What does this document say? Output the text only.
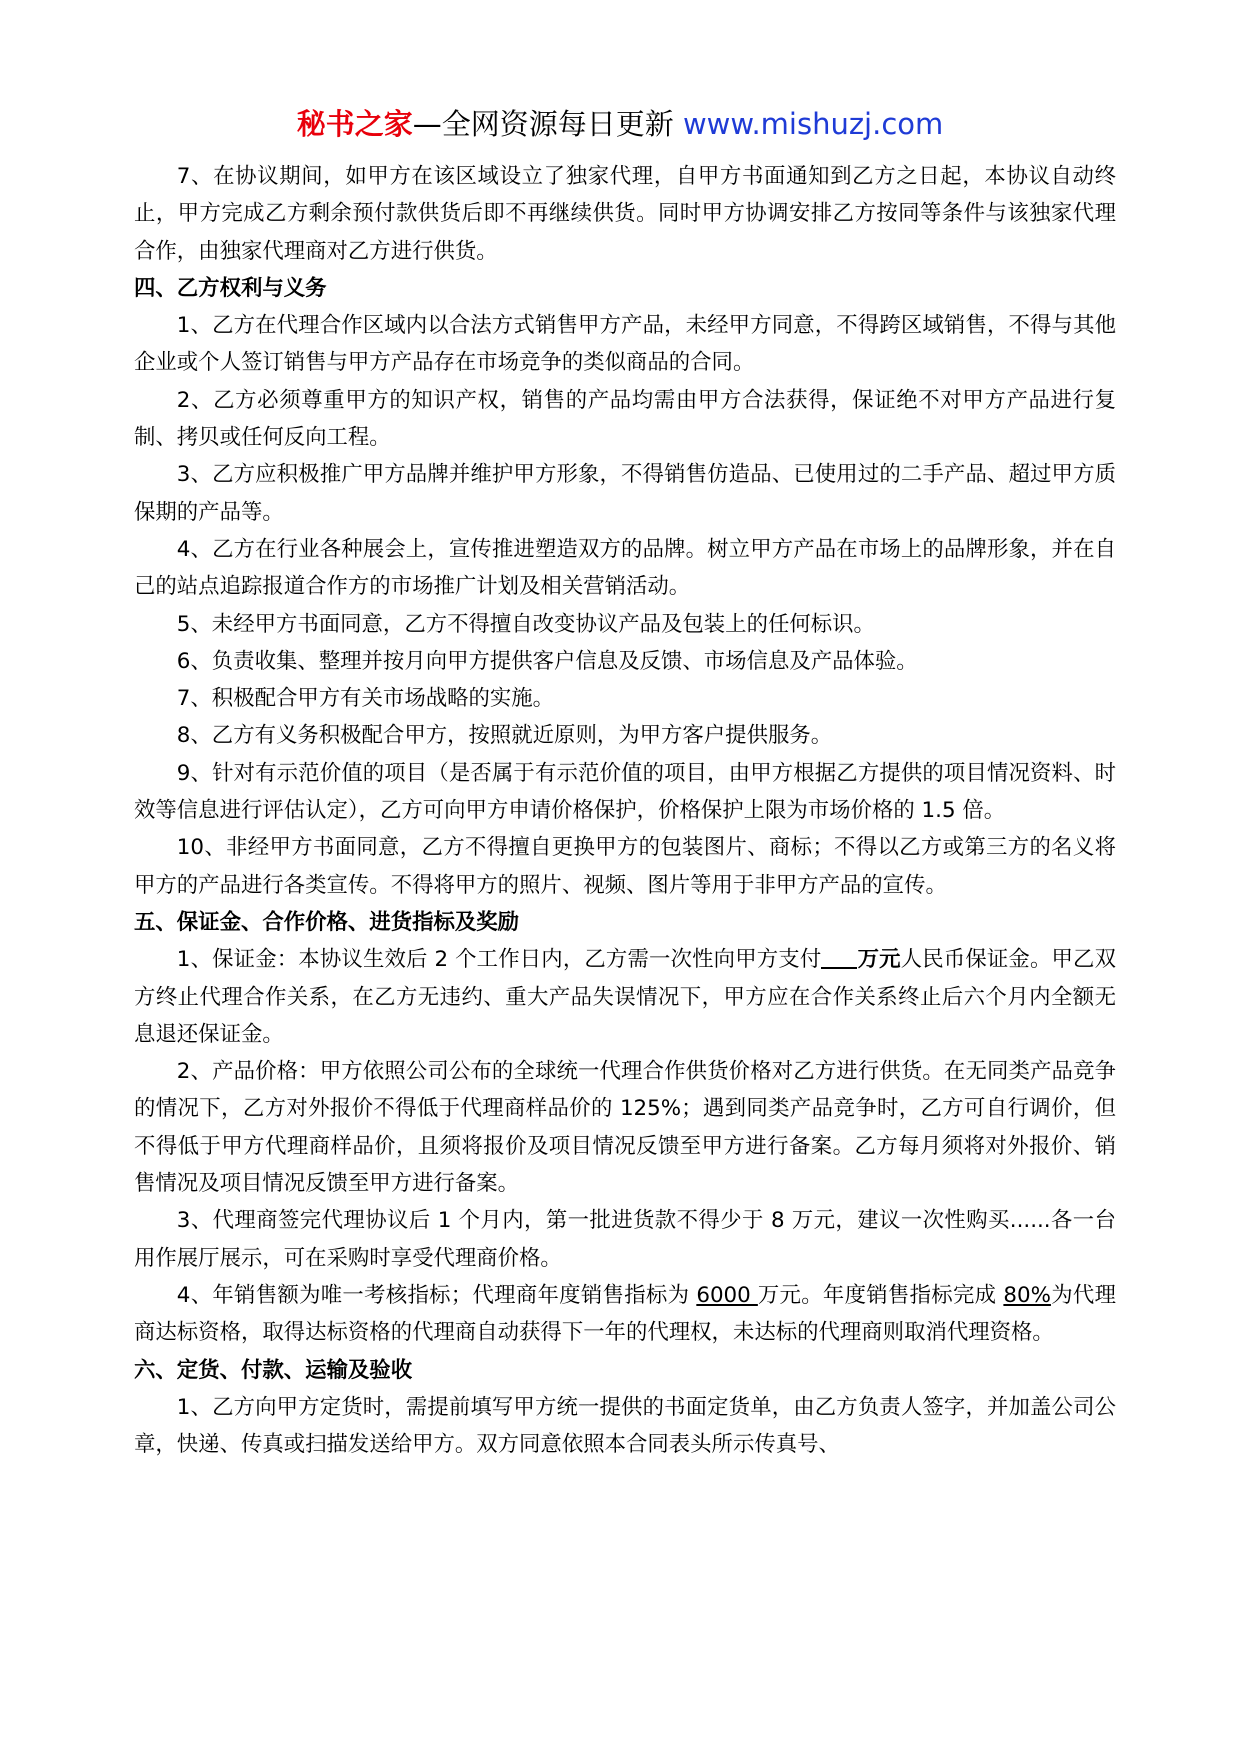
秘书之家—全网资源每日更新 www.mishuzj.com

7、在协议期间，如甲方在该区域设立了独家代理，自甲方书面通知到乙方之日起，本协议自动终止，甲方完成乙方剩余预付款供货后即不再继续供货。同时甲方协调安排乙方按同等条件与该独家代理合作，由独家代理商对乙方进行供货。

四、乙方权利与义务

1、乙方在代理合作区域内以合法方式销售甲方产品，未经甲方同意，不得跨区域销售，不得与其他企业或个人签订销售与甲方产品存在市场竞争的类似商品的合同。

2、乙方必须尊重甲方的知识产权，销售的产品均需由甲方合法获得，保证绝不对甲方产品进行复制、拷贝或任何反向工程。

3、乙方应积极推广甲方品牌并维护甲方形象，不得销售仿造品、已使用过的二手产品、超过甲方质保期的产品等。

4、乙方在行业各种展会上，宣传推进塑造双方的品牌。树立甲方产品在市场上的品牌形象，并在自己的站点追踪报道合作方的市场推广计划及相关营销活动。

5、未经甲方书面同意，乙方不得擅自改变协议产品及包装上的任何标识。

6、负责收集、整理并按月向甲方提供客户信息及反馈、市场信息及产品体验。

7、积极配合甲方有关市场战略的实施。

8、乙方有义务积极配合甲方，按照就近原则，为甲方客户提供服务。

9、针对有示范价值的项目（是否属于有示范价值的项目，由甲方根据乙方提供的项目情况资料、时效等信息进行评估认定），乙方可向甲方申请价格保护，价格保护上限为市场价格的 1.5 倍。

10、非经甲方书面同意，乙方不得擅自更换甲方的包装图片、商标；不得以乙方或第三方的名义将甲方的产品进行各类宣传。不得将甲方的照片、视频、图片等用于非甲方产品的宣传。

五、保证金、合作价格、进货指标及奖励

1、保证金：本协议生效后 2 个工作日内，乙方需一次性向甲方支付 万元人民币保证金。甲乙双方终止代理合作关系，在乙方无违约、重大产品失误情况下，甲方应在合作关系终止后六个月内全额无息退还保证金。

2、产品价格：甲方依照公司公布的全球统一代理合作供货价格对乙方进行供货。在无同类产品竞争的情况下，乙方对外报价不得低于代理商样品价的 125%；遇到同类产品竞争时，乙方可自行调价，但不得低于甲方代理商样品价，且须将报价及项目情况反馈至甲方进行备案。乙方每月须将对外报价、销售情况及项目情况反馈至甲方进行备案。

3、代理商签完代理协议后 1 个月内，第一批进货款不得少于 8 万元，建议一次性购买......各一台用作展厅展示，可在采购时享受代理商价格。

4、年销售额为唯一考核指标；代理商年度销售指标为 6000 万元。年度销售指标完成 80%为代理商达标资格，取得达标资格的代理商自动获得下一年的代理权，未达标的代理商则取消代理资格。

六、定货、付款、运输及验收

1、乙方向甲方定货时，需提前填写甲方统一提供的书面定货单，由乙方负责人签字，并加盖公司公章，快递、传真或扫描发送给甲方。双方同意依照本合同表头所示传真号、
